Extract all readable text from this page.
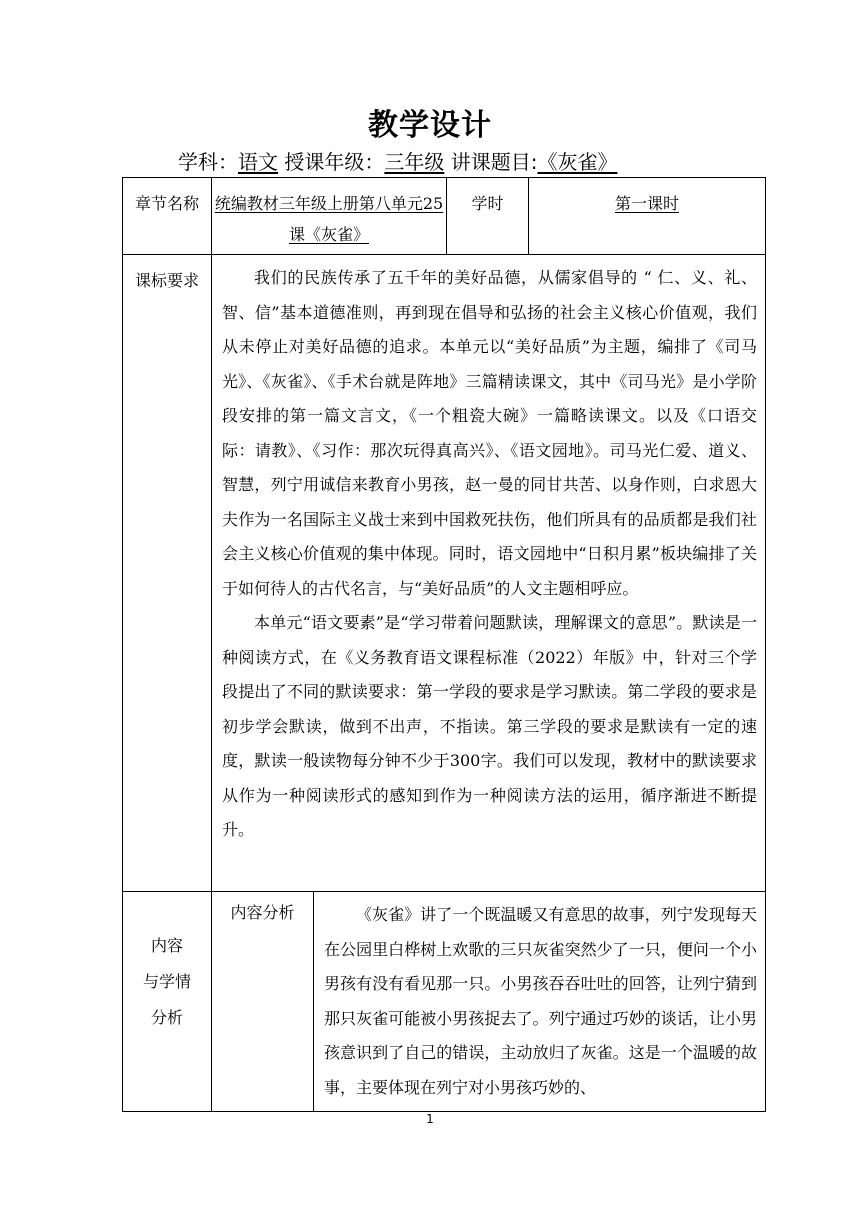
教学设计
学科：语文 授课年级：三年级 讲课题目:《灰雀》
章节名称	统编教材三年级上册第八单元25课《灰雀》		学时	第一课时
课标要求	我们的民族传承了五千年的美好品德，从儒家倡导的 “ 仁、义、礼、智、信”基本道德准则，再到现在倡导和弘扬的社会主义核心价值观，我们从未停止对美好品德的追求。本单元以“美好品质”为主题，编排了《司马光》、《灰雀》、《手术台就是阵地》三篇精读课文，其中《司马光》是小学阶段安排的第一篇文言文，《一个粗瓷大碗》一篇略读课文。以及《口语交际：请教》、《习作：那次玩得真高兴》、《语文园地》。司马光仁爱、道义、智慧，列宁用诚信来教育小男孩，赵一曼的同甘共苦、以身作则，白求恩大夫作为一名国际主义战士来到中国救死扶伤，他们所具有的品质都是我们社会主义核心价值观的集中体现。同时，语文园地中“日积月累”板块编排了关于如何待人的古代名言，与“美好品质”的人文主题相呼应。

本单元“语文要素”是“学习带着问题默读，理解课文的意思”。默读是一种阅读方式，在《义务教育语文课程标准（2022）年版》中，针对三个学段提出了不同的默读要求：第一学段的要求是学习默读。第二学段的要求是初步学会默读，做到不出声，不指读。第三学段的要求是默读有一定的速度，默读一般读物每分钟不少于300字。我们可以发现，教材中的默读要求从作为一种阅读形式的感知到作为一种阅读方法的运用，循序渐进不断提升。			

内容
与学情
分析	内容分析	《灰雀》讲了一个既温暖又有意思的故事，列宁发现每天在公园里白桦树上欢歌的三只灰雀突然少了一只，便问一个小男孩有没有看见那一只。小男孩吞吞吐吐的回答，让列宁猜到那只灰雀可能被小男孩捉去了。列宁通过巧妙的谈话，让小男孩意识到了自己的错误，主动放归了灰雀。这是一个温暖的故事，主要体现在列宁对小男孩巧妙的、		

1
